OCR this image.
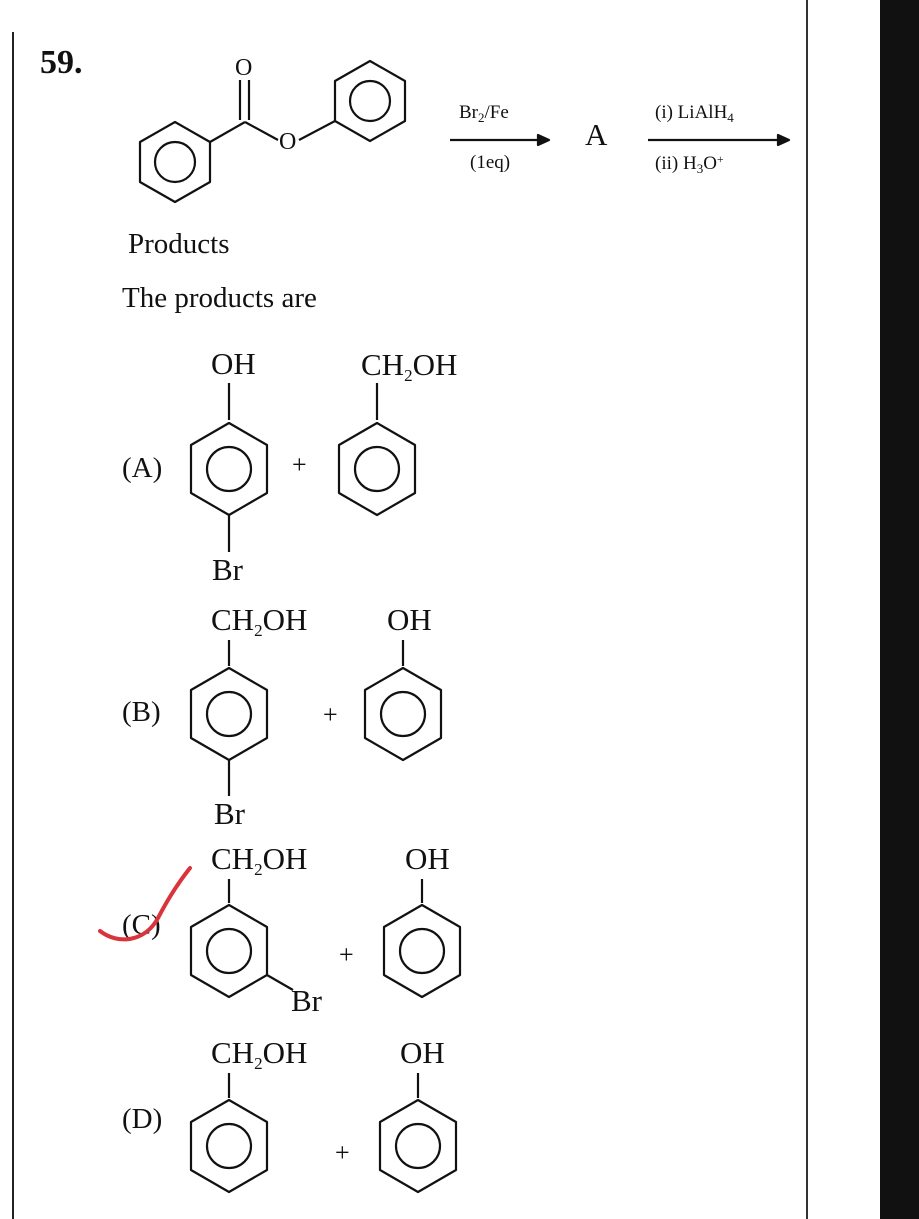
59.	O
O
$Br_2/Fe$
(1eq)
A
(i) LiAlH$_4$
(ii) $H_3O^+$
Products
The products are
(A)
OH
Br
+
$CH_2OH$
(B)
$CH_2OH$
Br
+
OH
(C)
$CH_2OH$
Br
+
OH
(D)
$CH_2OH$
+
OH
